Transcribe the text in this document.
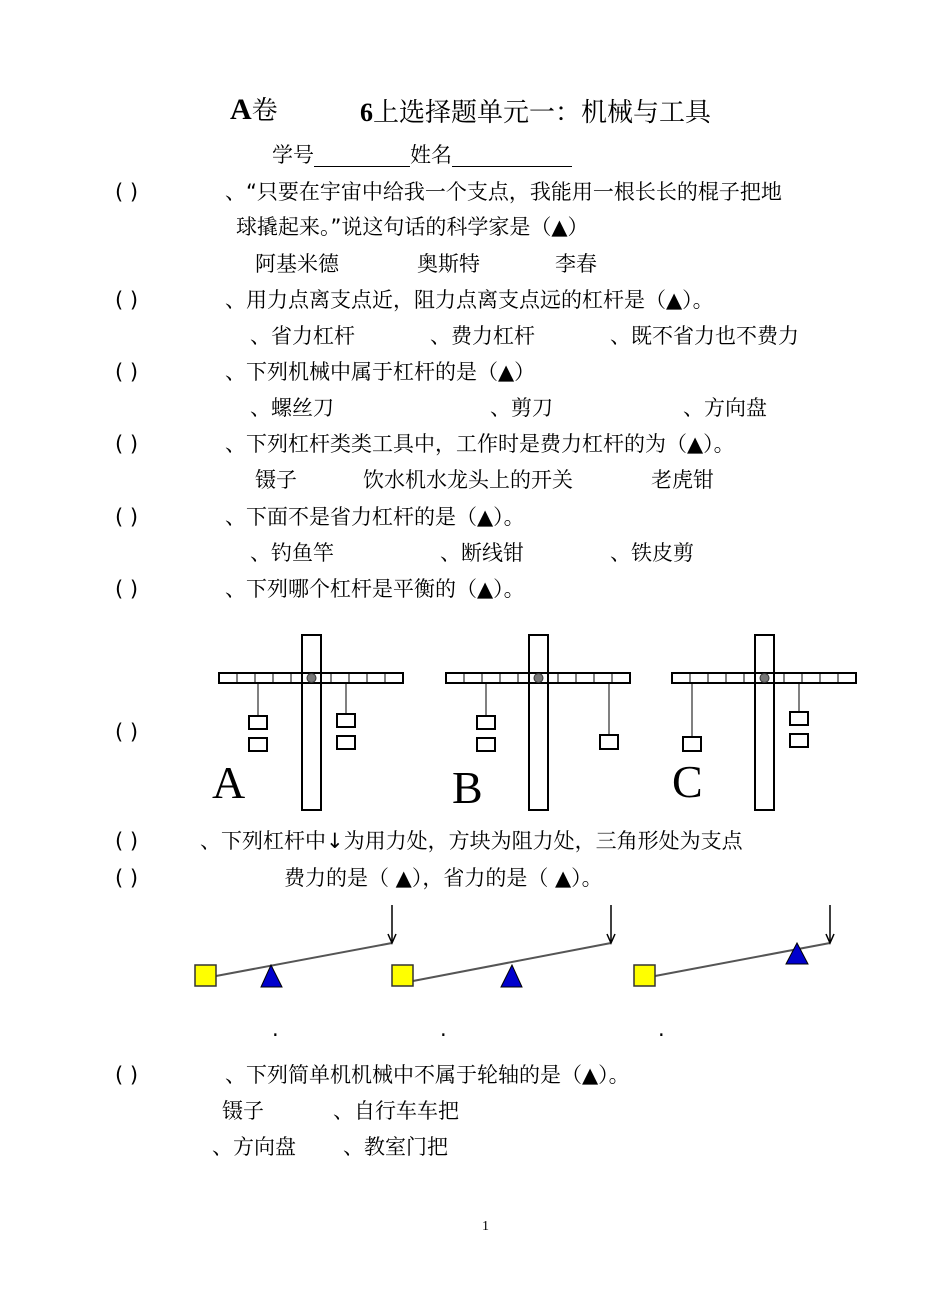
A卷	6上选择题单元一：机械与工具
学号	姓名
( )	、“只要在宇宙中给我一个支点，我能用一根长长的棍子把地
球撬起来。”说这句话的科学家是（▲）
阿基米德	奥斯特	李春
( )	、用力点离支点近，阻力点离支点远的杠杆是（▲）。
、省力杠杆	、费力杠杆	、既不省力也不费力
( )	、下列机械中属于杠杆的是（▲）
、螺丝刀	、剪刀	、方向盘
( )	、下列杠杆类类工具中，工作时是费力杠杆的为（▲）。
镊子	饮水机水龙头上的开关	老虎钳
( )	、下面不是省力杠杆的是（▲）。
、钓鱼竿	、断线钳	、铁皮剪
( )	、下列哪个杠杆是平衡的（▲）。
( )
A	B	C
( )	、下列杠杆中↓为用力处，方块为阻力处，三角形处为支点
( )	费力的是（ ▲），省力的是（ ▲）。
.	.	.
( )	、下列简单机机械中不属于轮轴的是（▲）。
镊子	、自行车车把
、方向盘 、教室门把
1
